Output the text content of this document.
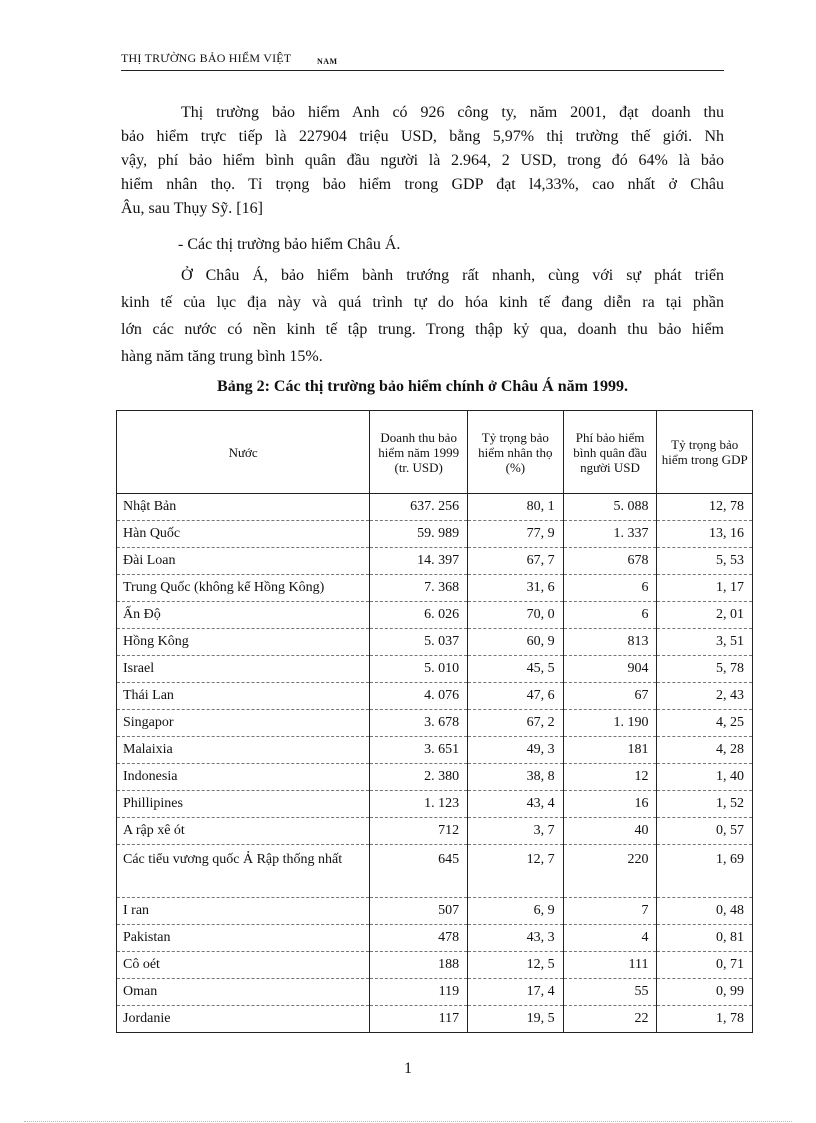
THỊ TRƯỜNG BẢO HIỂM VIỆT	NAM
Thị trường bảo hiểm Anh có 926 công ty, năm 2001, đạt doanh thu
bảo hiểm trực tiếp là 227904 triệu USD, bằng 5,97% thị trường thế giới. Nh
vậy, phí bảo hiểm bình quân đầu người là 2.964, 2 USD, trong đó 64% là bảo
hiểm nhân thọ. Tỉ trọng bảo hiểm trong GDP đạt l4,33%, cao nhất ở Châu
Âu, sau Thụy Sỹ. [16]
- Các thị trường bảo hiểm Châu Á.
Ở Châu Á, bảo hiểm bành trướng rất nhanh, cùng với sự phát triển
kinh tế của lục địa này và quá trình tự do hóa kinh tế đang diễn ra tại phần
lớn các nước có nền kinh tế tập trung. Trong thập kỷ qua, doanh thu bảo hiểm
hàng năm tăng trung bình 15%.
Bảng 2: Các thị trường bảo hiểm chính ở Châu Á năm 1999.
Nước	Doanh thu bảo hiểm năm 1999 (tr. USD)	Tỷ trọng bảo hiểm nhân thọ (%)	Phí bảo hiểm bình quân đầu người USD	Tỷ trọng bảo hiểm trong GDP
Nhật Bản	637. 256	80, 1	5. 088	12, 78
Hàn Quốc	59. 989	77, 9	1. 337	13, 16
Đài Loan	14. 397	67, 7	678	5, 53
Trung Quốc (không kể Hồng Kông)	7. 368	31, 6	6	1, 17
Ấn Độ	6. 026	70, 0	6	2, 01
Hồng Kông	5. 037	60, 9	813	3, 51
Israel	5. 010	45, 5	904	5, 78
Thái Lan	4. 076	47, 6	67	2, 43
Singapor	3. 678	67, 2	1. 190	4, 25
Malaixia	3. 651	49, 3	181	4, 28
Indonesia	2. 380	38, 8	12	1, 40
Phillipines	1. 123	43, 4	16	1, 52
A rập xê ót	712	3, 7	40	0, 57
Các tiểu vương quốc Ả Rập thống nhất	645	12, 7	220	1, 69
I ran	507	6, 9	7	0, 48
Pakistan	478	43, 3	4	0, 81
Cô oét	188	12, 5	111	0, 71
Oman	119	17, 4	55	0, 99
Jordanie	117	19, 5	22	1, 78
1
